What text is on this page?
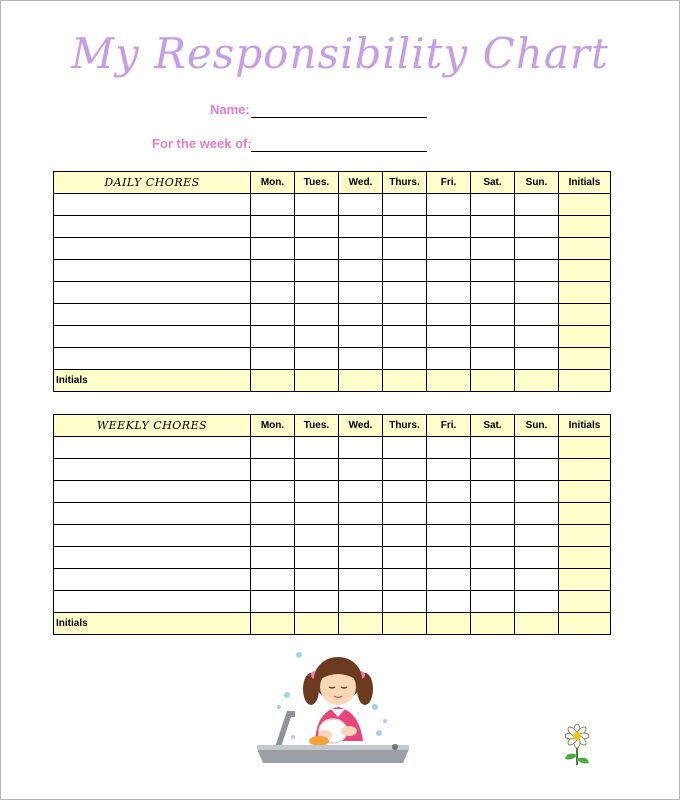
My Responsibility Chart
Name:
For the week of:
DAILY CHORES	Mon.	Tues.	Wed.	Thurs.	Fri.	Sat.	Sun.	Initials

Initials								
WEEKLY CHORES	Mon.	Tues.	Wed.	Thurs.	Fri.	Sat.	Sun.	Initials

Initials								
